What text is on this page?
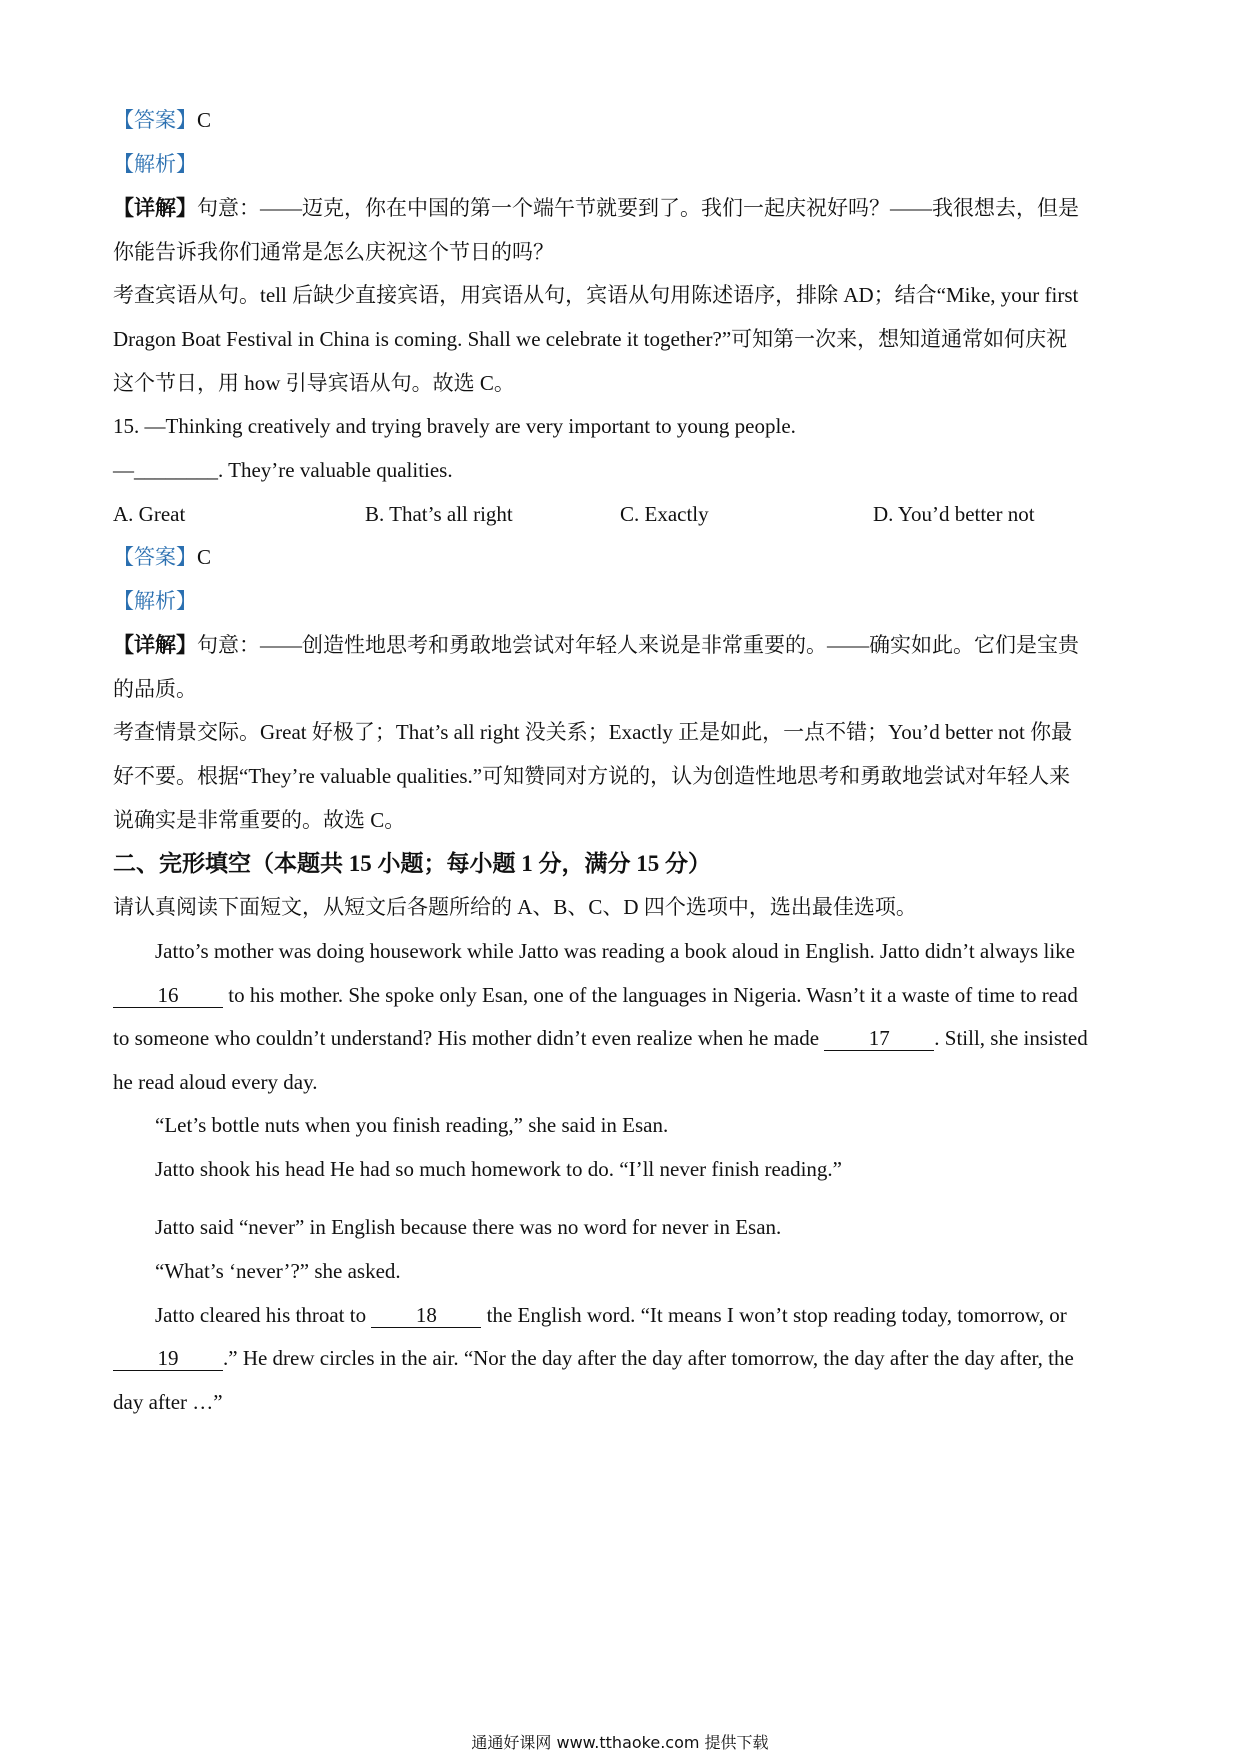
【答案】C
【解析】
【详解】句意：——迈克，你在中国的第一个端午节就要到了。我们一起庆祝好吗？——我很想去，但是
你能告诉我你们通常是怎么庆祝这个节日的吗？
考查宾语从句。tell 后缺少直接宾语，用宾语从句，宾语从句用陈述语序，排除 AD；结合“Mike, your first
Dragon Boat Festival in China is coming. Shall we celebrate it together?”可知第一次来，想知道通常如何庆祝
这个节日，用 how 引导宾语从句。故选 C。
15. —Thinking creatively and trying bravely are very important to young people.
—________. They’re valuable qualities.
A. Great	B. That’s all right	C. Exactly	D. You’d better not
【答案】C
【解析】
【详解】句意：——创造性地思考和勇敢地尝试对年轻人来说是非常重要的。——确实如此。它们是宝贵
的品质。
考查情景交际。Great 好极了；That’s all right 没关系；Exactly 正是如此，一点不错；You’d better not 你最
好不要。根据“They’re valuable qualities.”可知赞同对方说的，认为创造性地思考和勇敢地尝试对年轻人来
说确实是非常重要的。故选 C。
二、完形填空（本题共 15 小题；每小题 1 分，满分 15 分）
请认真阅读下面短文，从短文后各题所给的 A、B、C、D 四个选项中，选出最佳选项。
Jatto’s mother was doing housework while Jatto was reading a book aloud in English. Jatto didn’t always like
16 to his mother. She spoke only Esan, one of the languages in Nigeria. Wasn’t it a waste of time to read
to someone who couldn’t understand? His mother didn’t even realize when he made 17 . Still, she insisted
he read aloud every day.
“Let’s bottle nuts when you finish reading,” she said in Esan.
Jatto shook his head He had so much homework to do. “I’ll never finish reading.”
Jatto said “never” in English because there was no word for never in Esan.
“What’s ‘never’?” she asked.
Jatto cleared his throat to 18 the English word. “It means I won’t stop reading today, tomorrow, or
19 .” He drew circles in the air. “Nor the day after the day after tomorrow, the day after the day after, the
day after …”
通通好课网 www.tthaoke.com 提供下载
